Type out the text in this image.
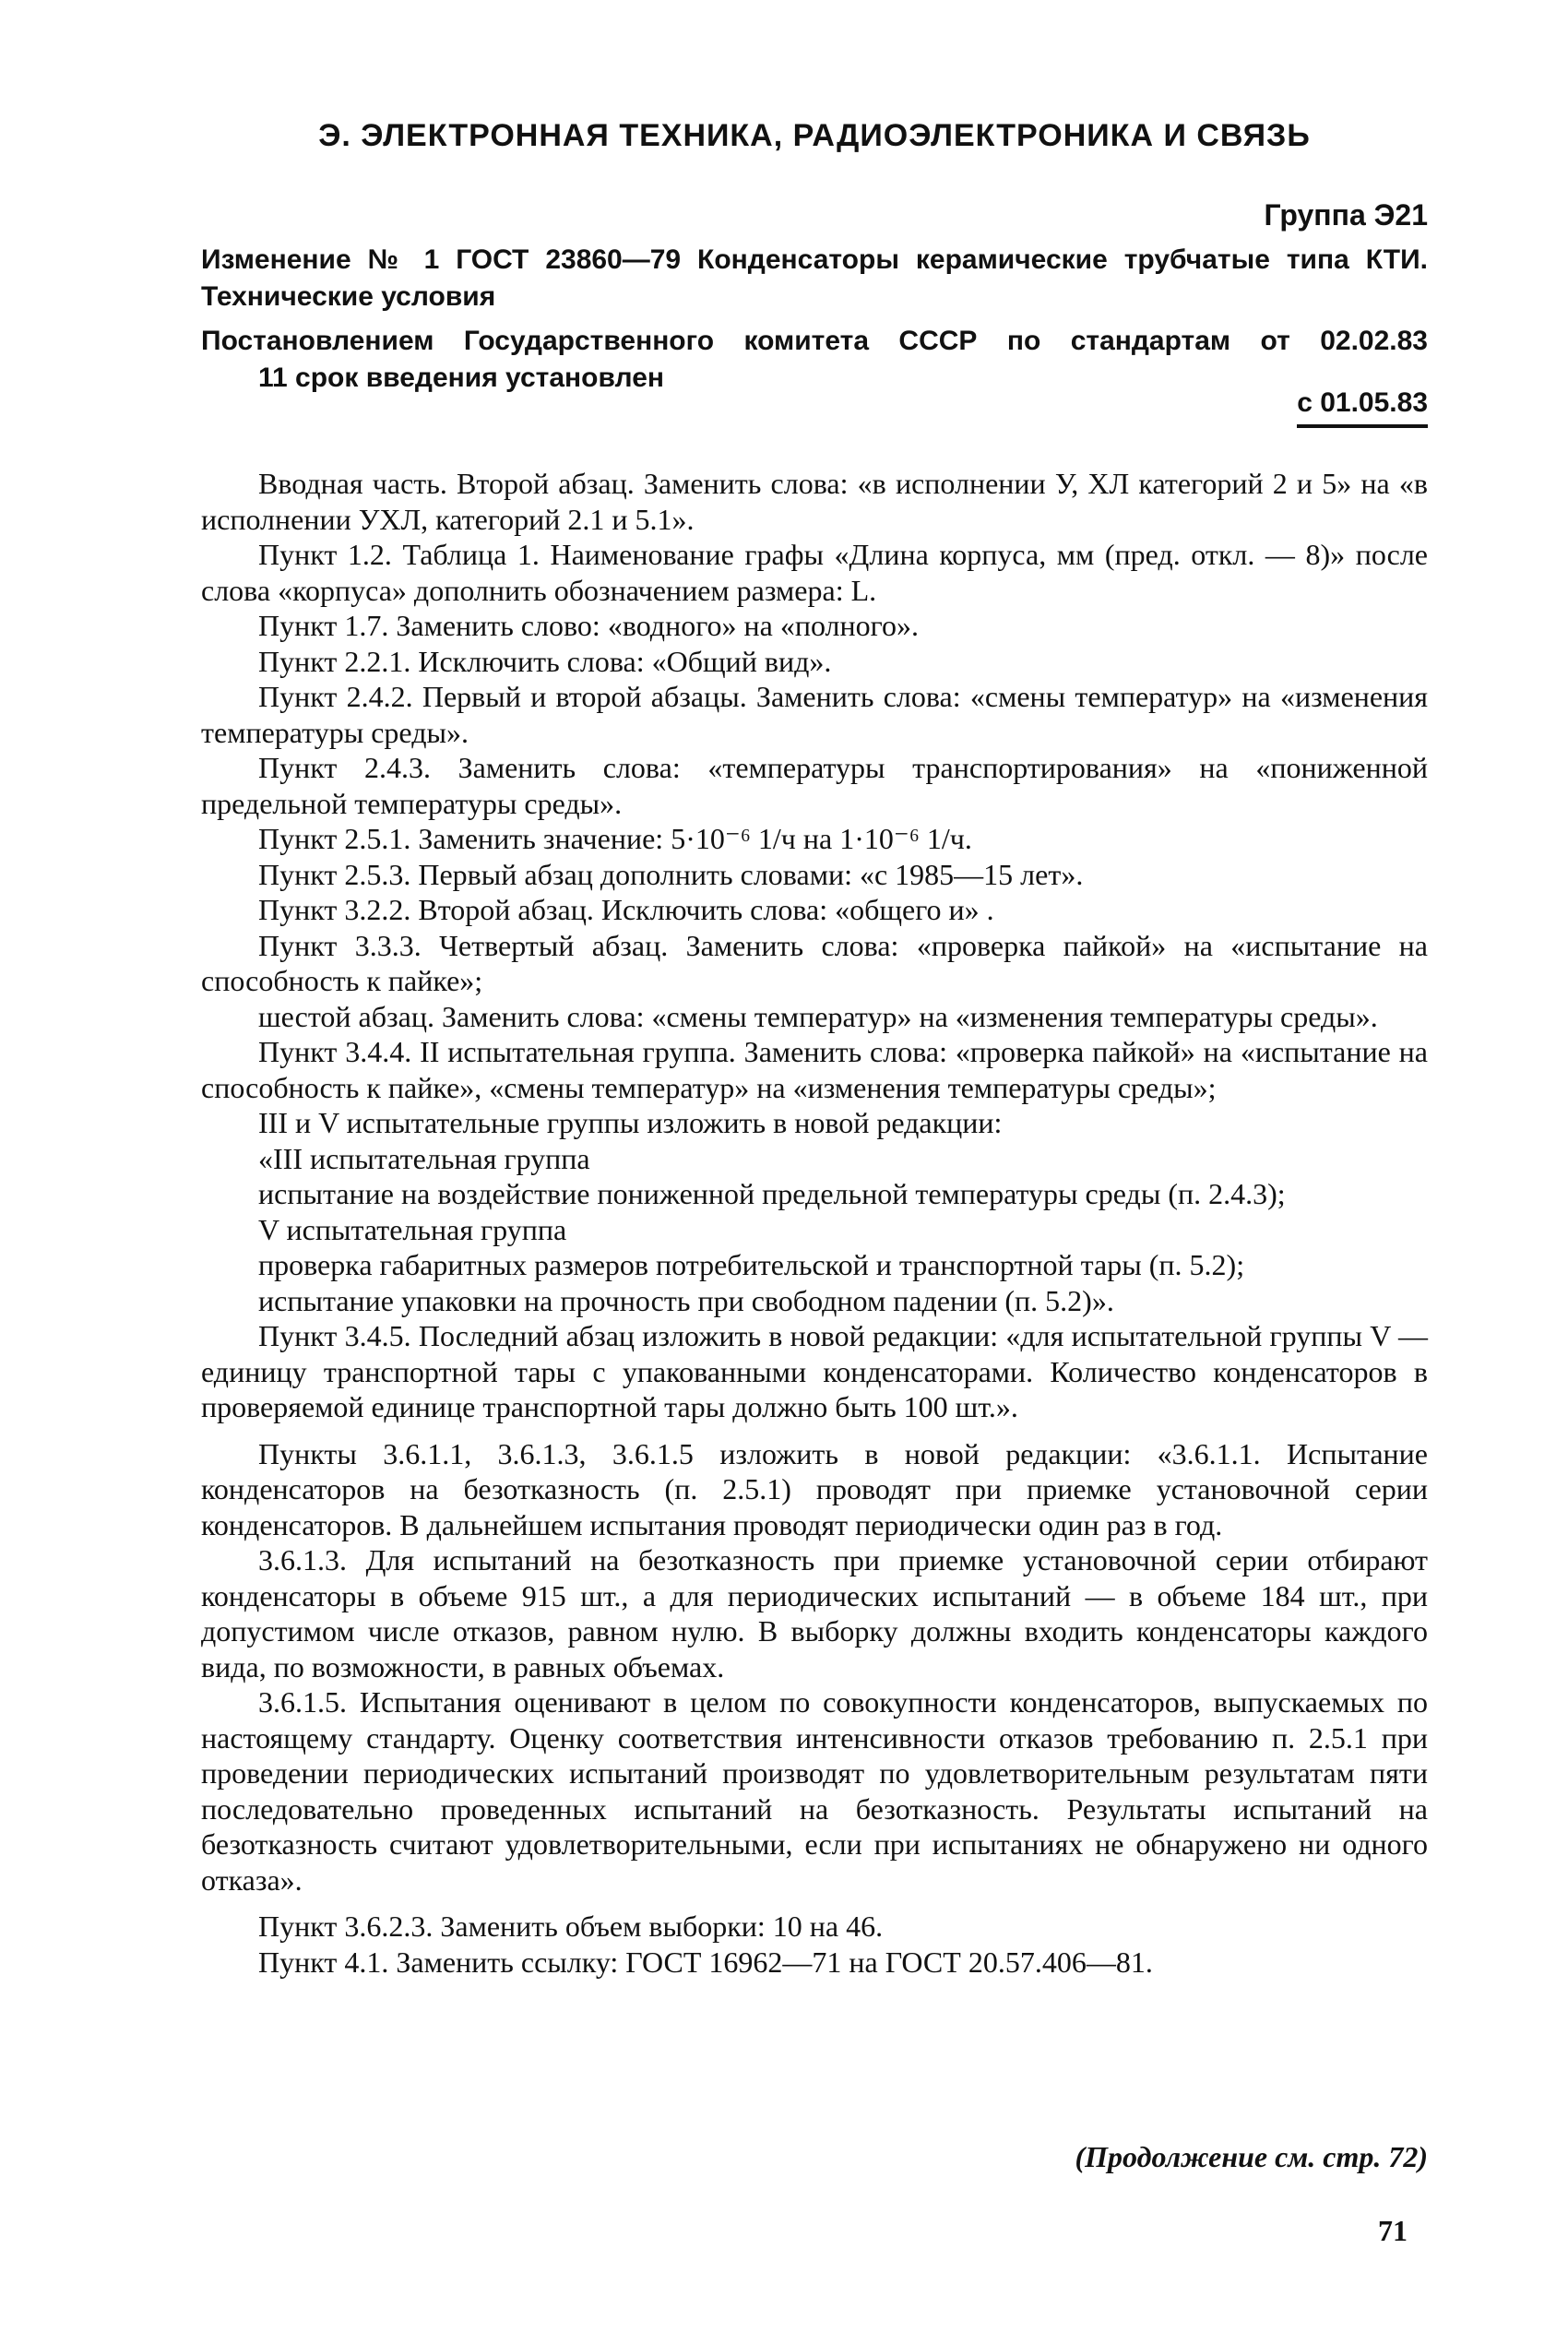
Э. ЭЛЕКТРОННАЯ ТЕХНИКА, РАДИОЭЛЕКТРОНИКА И СВЯЗЬ
Группа Э21
Изменение № 1 ГОСТ 23860—79 Конденсаторы керамические трубчатые типа КТИ. Технические условия
Постановлением Государственного комитета СССР по стандартам от 02.02.83
11 срок введения установлен
с 01.05.83

Вводная часть. Второй абзац. Заменить слова: «в исполнении У, ХЛ категорий 2 и 5» на «в исполнении УХЛ, категорий 2.1 и 5.1».

Пункт 1.2. Таблица 1. Наименование графы «Длина корпуса, мм (пред. откл. — 8)» после слова «корпуса» дополнить обозначением размера: L.

Пункт 1.7. Заменить слово: «водного» на «полного».

Пункт 2.2.1. Исключить слова: «Общий вид».

Пункт 2.4.2. Первый и второй абзацы. Заменить слова: «смены температур» на «изменения температуры среды».

Пункт 2.4.3. Заменить слова: «температуры транспортирования» на «пониженной предельной температуры среды».

Пункт 2.5.1. Заменить значение: 5·10⁻⁶ 1/ч на 1·10⁻⁶ 1/ч.

Пункт 2.5.3. Первый абзац дополнить словами: «с 1985—15 лет».

Пункт 3.2.2. Второй абзац. Исключить слова: «общего и» .

Пункт 3.3.3. Четвертый абзац. Заменить слова: «проверка пайкой» на «испытание на способность к пайке»;

шестой абзац. Заменить слова: «смены температур» на «изменения температуры среды».

Пункт 3.4.4. II испытательная группа. Заменить слова: «проверка пайкой» на «испытание на способность к пайке», «смены температур» на «изменения температуры среды»;

III и V испытательные группы изложить в новой редакции:

«III испытательная группа

испытание на воздействие пониженной предельной температуры среды (п. 2.4.3);

V испытательная группа

проверка габаритных размеров потребительской и транспортной тары (п. 5.2);

испытание упаковки на прочность при свободном падении (п. 5.2)».

Пункт 3.4.5. Последний абзац изложить в новой редакции: «для испытательной группы V — единицу транспортной тары с упакованными конденсаторами. Количество конденсаторов в проверяемой единице транспортной тары должно быть 100 шт.».

Пункты 3.6.1.1, 3.6.1.3, 3.6.1.5 изложить в новой редакции: «3.6.1.1. Испытание конденсаторов на безотказность (п. 2.5.1) проводят при приемке установочной серии конденсаторов. В дальнейшем испытания проводят периодически один раз в год.

3.6.1.3. Для испытаний на безотказность при приемке установочной серии отбирают конденсаторы в объеме 915 шт., а для периодических испытаний — в объеме 184 шт., при допустимом числе отказов, равном нулю. В выборку должны входить конденсаторы каждого вида, по возможности, в равных объемах.

3.6.1.5. Испытания оценивают в целом по совокупности конденсаторов, выпускаемых по настоящему стандарту. Оценку соответствия интенсивности отказов требованию п. 2.5.1 при проведении периодических испытаний производят по удовлетворительным результатам пяти последовательно проведенных испытаний на безотказность. Результаты испытаний на безотказность считают удовлетворительными, если при испытаниях не обнаружено ни одного отказа».

Пункт 3.6.2.3. Заменить объем выборки: 10 на 46.

Пункт 4.1. Заменить ссылку: ГОСТ 16962—71 на ГОСТ 20.57.406—81.

(Продолжение см. стр. 72)
71
